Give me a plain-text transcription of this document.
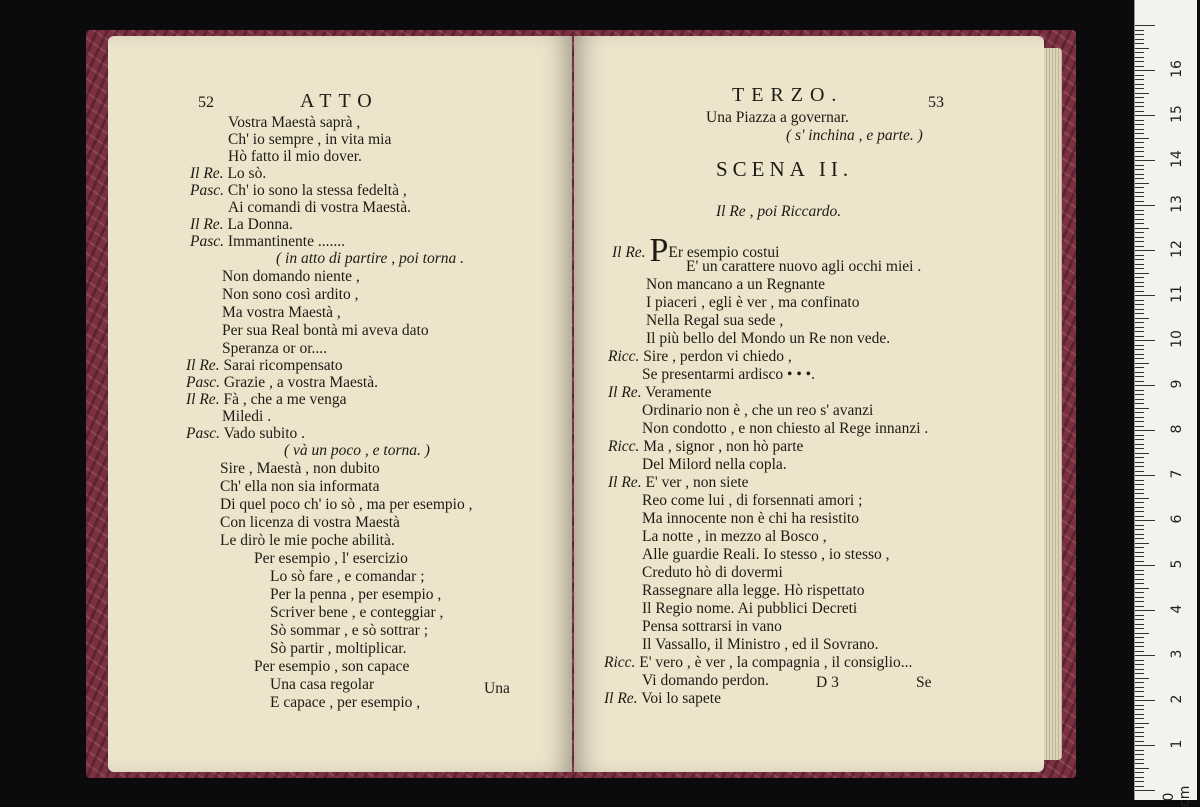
52	ATTO
Vostra Maestà saprà ,
Ch' io sempre , in vita mia
Hò fatto il mio dover.
Il Re. Lo sò.
Pasc. Ch' io sono la stessa fedeltà ,
Ai comandi di vostra Maestà.
Il Re. La Donna.
Pasc. Immantinente .......
( in atto di partire , poi torna .
Non domando niente ,
Non sono così ardito ,
Ma vostra Maestà ,
Per sua Real bontà mi aveva dato
Speranza or or....
Il Re. Sarai ricompensato
Pasc. Grazie , a vostra Maestà.
Il Re. Fà , che a me venga
Miledi .
Pasc. Vado subito .
( và un poco , e torna. )
Sire , Maestà , non dubito
Ch' ella non sia informata
Di quel poco ch' io sò , ma per esempio ,
Con licenza di vostra Maestà
Le dirò le mie poche abilità.
Per esempio , l' esercizio
Lo sò fare , e comandar ;
Per la penna , per esempio ,
Scriver bene , e conteggiar ,
Sò sommar , e sò sottrar ;
Sò partir , moltiplicar.
Per esempio , son capace
Una casa regolar
E capace , per esempio ,
Una
TERZO.	53
Una Piazza a governar.
( s' inchina , e parte. )
SCENA II.
Il Re , poi Riccardo.
Il Re. PEr esempio costui
E' un carattere nuovo agli occhi miei .
Non mancano a un Regnante
I piaceri , egli è ver , ma confinato
Nella Regal sua sede ,
Il più bello del Mondo un Re non vede.
Ricc. Sire , perdon vi chiedo ,
Se presentarmi ardisco • • •.
Il Re. Veramente
Ordinario non è , che un reo s' avanzi
Non condotto , e non chiesto al Rege innanzi .
Ricc. Ma , signor , non hò parte
Del Milord nella copla.
Il Re. E' ver , non siete
Reo come lui , di forsennati amori ;
Ma innocente non è chi ha resistito
La notte , in mezzo al Bosco ,
Alle guardie Reali. Io stesso , io stesso ,
Creduto hò di dovermi
Rassegnare alla legge. Hò rispettato
Il Regio nome. Ai pubblici Decreti
Pensa sottrarsi in vano
Il Vassallo, il Ministro , ed il Sovrano.
Ricc. E' vero , è ver , la compagnia , il consiglio...
Vi domando perdon.
Il Re. Voi lo sapete
D 3	Se
0 cm
1
2
3
4
5
6
7
8
9
10
11
12
13
14
15
16
